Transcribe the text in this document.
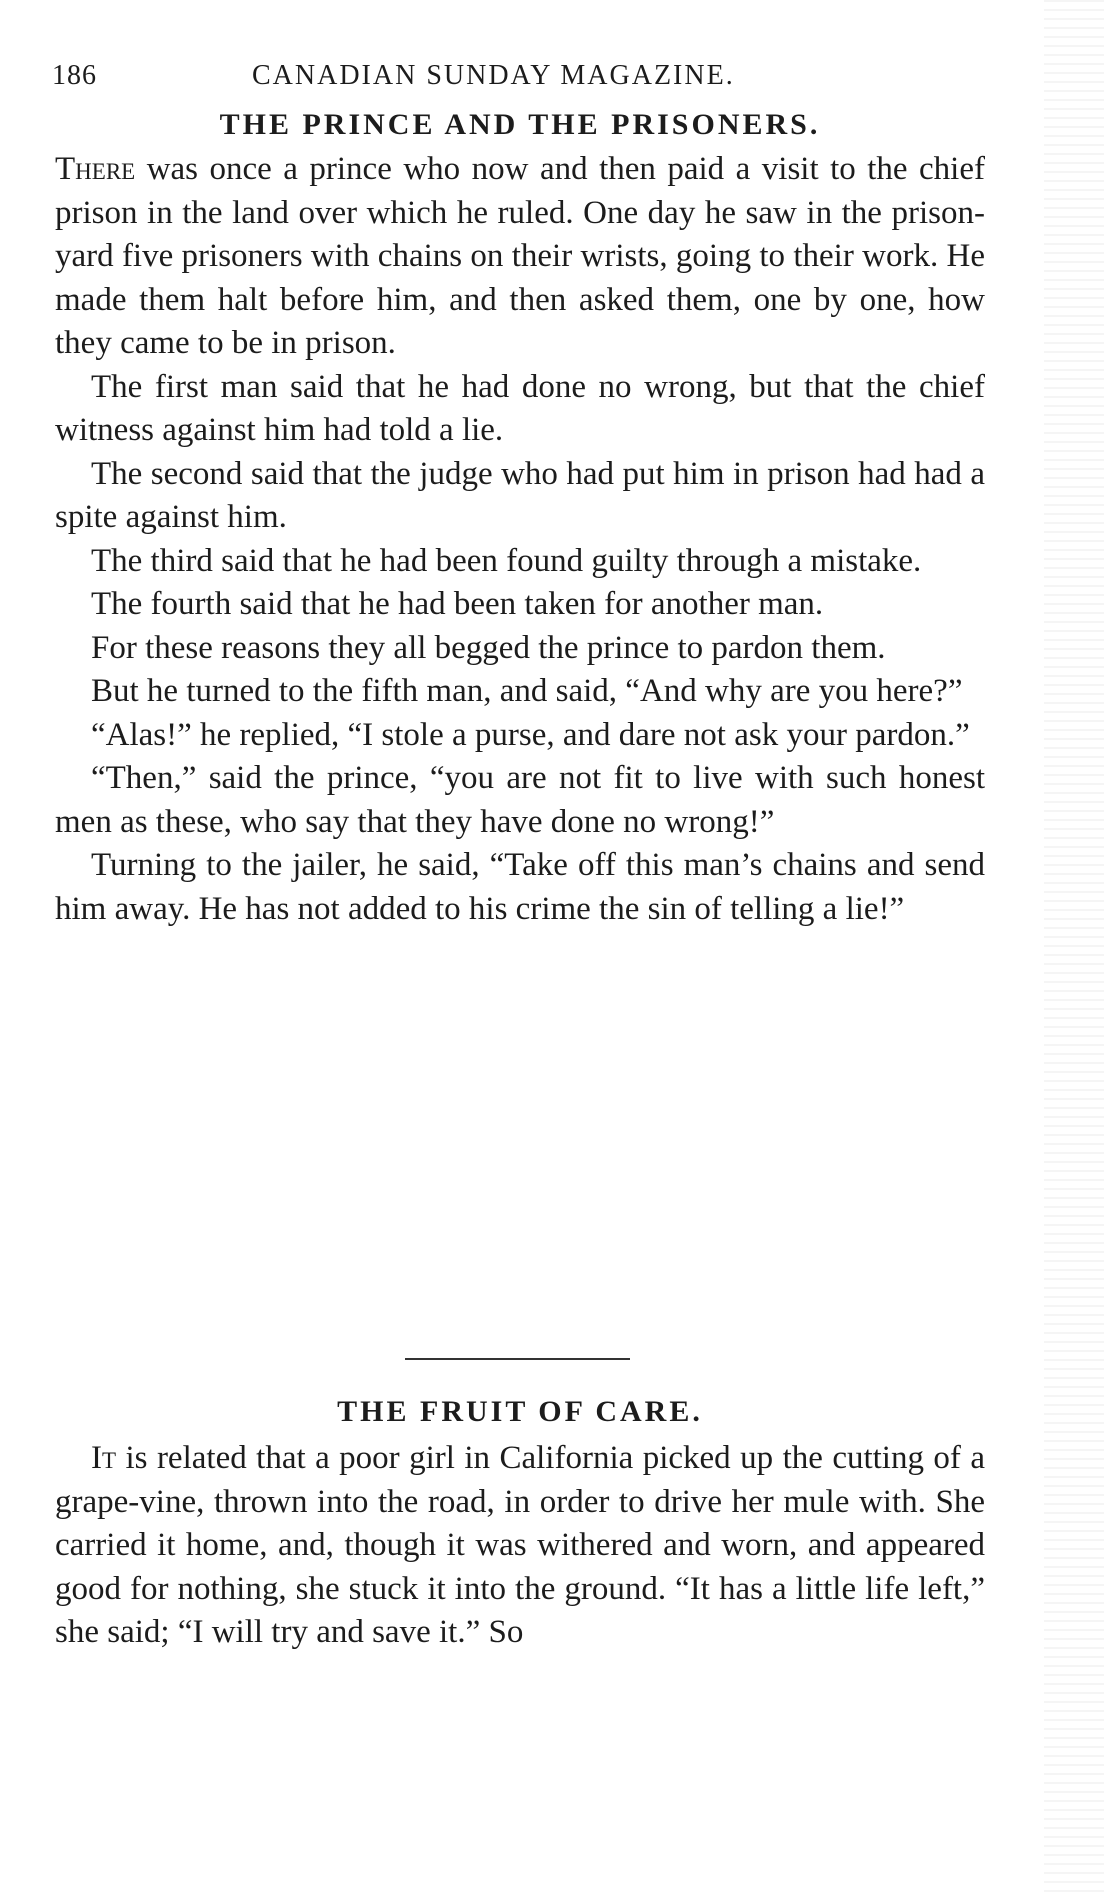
186	CANADIAN SUNDAY MAGAZINE.
THE PRINCE AND THE PRISONERS.

There was once a prince who now and then paid a visit to the chief prison in the land over which he ruled. One day he saw in the prison-yard five prisoners with chains on their wrists, going to their work. He made them halt before him, and then asked them, one by one, how they came to be in prison.

The first man said that he had done no wrong, but that the chief witness against him had told a lie.

The second said that the judge who had put him in prison had had a spite against him.

The third said that he had been found guilty through a mistake.

The fourth said that he had been taken for another man.

For these reasons they all begged the prince to pardon them.

But he turned to the fifth man, and said, “And why are you here?”

“Alas!” he replied, “I stole a purse, and dare not ask your pardon.”

“Then,” said the prince, “you are not fit to live with such honest men as these, who say that they have done no wrong!”

Turning to the jailer, he said, “Take off this man’s chains and send him away. He has not added to his crime the sin of telling a lie!”

THE FRUIT OF CARE.

It is related that a poor girl in California picked up the cutting of a grape-vine, thrown into the road, in order to drive her mule with. She carried it home, and, though it was withered and worn, and appeared good for nothing, she stuck it into the ground. “It has a little life left,” she said; “I will try and save it.” So
